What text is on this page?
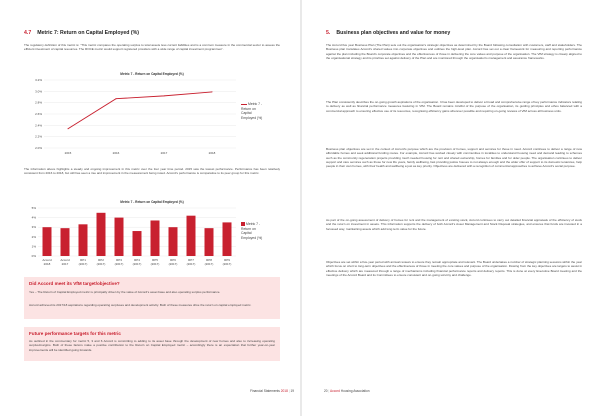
4.7 Metric 7: Return on Capital Employed (%)
The regulatory definition of this metric is: "This metric compares the operating surplus to total assets less current liabilities and is a common measure in the commercial sector to assess the efficient investment of capital resources. The ROCE metric would support registered providers with a wide range of capital investment programmes".
Metric 7 - Return on Capital Employed (%)
3.2%
3.0%
2.8%
2.6%
2.4%
2.2%
2.0%
2015	2016	2017	2018
Metric 7 - Return on Capital Employed (%)
The information above highlights a steady and ongoing improvement in this metric over the four year time period. 2015 saw the lowest performance. Performance has been relatively consistent from 2016 to 2018, but still has seen a rise and improvement in the measurement being noted. Accord's performance is comparative to its peer group for this metric.
Metric 7 - Return on Capital Employed (%)
5%
4%
3%
2%
1%
0%
Accord
2018
Accord
2017
RP1
(2017)
RP2
(2017)
RP3
(2017)
RP4
(2017)
RP5
(2017)
RP6
(2017)
RP7
(2017)
RP8
(2017)
RP9
(2017)
Metric 7 - Return on Capital Employed (%)
Did Accord meet its VfM target/objective?
Yes – The Return of Capital Employed metric is principally driven by the value of Accord's asset base and also operating surplus performance.
Accord achieved its 2017/18 aspirations regarding operating surpluses and development activity. Both of these measures drive the return on capital employed metric.
Future performance targets for this metric
As outlined in the commentary for metric 5, 3 and 6 Accord is committing to adding to its asset base through the development of new homes and also to increasing operating surplus/margins. Both of these factors make a positive contribution to the Return on Capital Employed metric – accordingly there is an expectation that further year-on-year improvements will be identified going forwards.
Financial Statements 2018 | 19
5. Business plan objectives and value for money
The Accord five year Business Plan (The Plan) sets out the organisation's strategic objectives as determined by the Board following consultation with customers, staff and stakeholders. The Business plan translates Accord's shared values into corporate objectives and outlines the high-level plan. Accord has set out a clear framework for measuring and reporting performance against the plan including the Board's corporate objectives and the effectiveness of those in delivering the core values and purpose of the organisation. The VfM strategy is closely aligned to the organisational strategy and its priorities set against delivery of the Plan and are monitored through the organisation's management and assurance frameworks.
The Plan consistently describes the on-going growth aspirations of the organisation. It has been developed to deliver a broad and comprehensive range of key performance indicators relating to delivery as well as financial performance measures featuring in VfM. The Board remains mindful of the purpose of the organisation, its guiding principles and ethos balanced with a commercial approach to ensuring effective use of its resources, recognising efficiency gains wherever possible and requiring on-going reviews of VfM across all business units.
Business plan objectives are set in the context of Accord's purpose which are the provision of homes, support and services for those in need. Accord continues to deliver a range of new affordable homes and seek additional funding routes. For example, Accord has worked closely with communities in localities to understand housing need and demand leading to schemes such as the community regeneration projects providing much needed housing for rent and shared ownership, homes for families and for older people. The organisation continues to deliver support and care services such as those for new life years, family wellbeing, fast providing justice houses to not always enough and the wider offer of support to its domestic tenancies, help people in their own homes, with their health and wellbeing a just as key priority. Objectives are delivered with a recognition of commercial approaches to achieve Accord's social purpose.
As part of the on-going assessment of delivery of homes for rent and the management of existing stock, Accord continues to carry out detailed financial appraisals of the efficiency of stock and the return on investment in assets. This information supports the delivery of both Accord's Asset Management and Stock Disposal strategies, and ensures that funds are invested in a focussed way, maintaining assets which add long term value for the future.
Objectives are set within a five-year period with annual reviews to ensure they remain appropriate and relevant. The Board undertakes a number of strategic planning sessions within the year which focus on short to long-term objectives and the effectiveness of those in meeting the core values and purpose of the organisation. Flowing from the key objectives are targets to assist in effective delivery which are measured through a range of mechanisms including financial performance reports and delivery reports. This is done at every Executive Board meeting and the meetings of the Accord Board and its Committees to ensure consistent and on-going scrutiny and challenge.
20 | Accord Housing Association
